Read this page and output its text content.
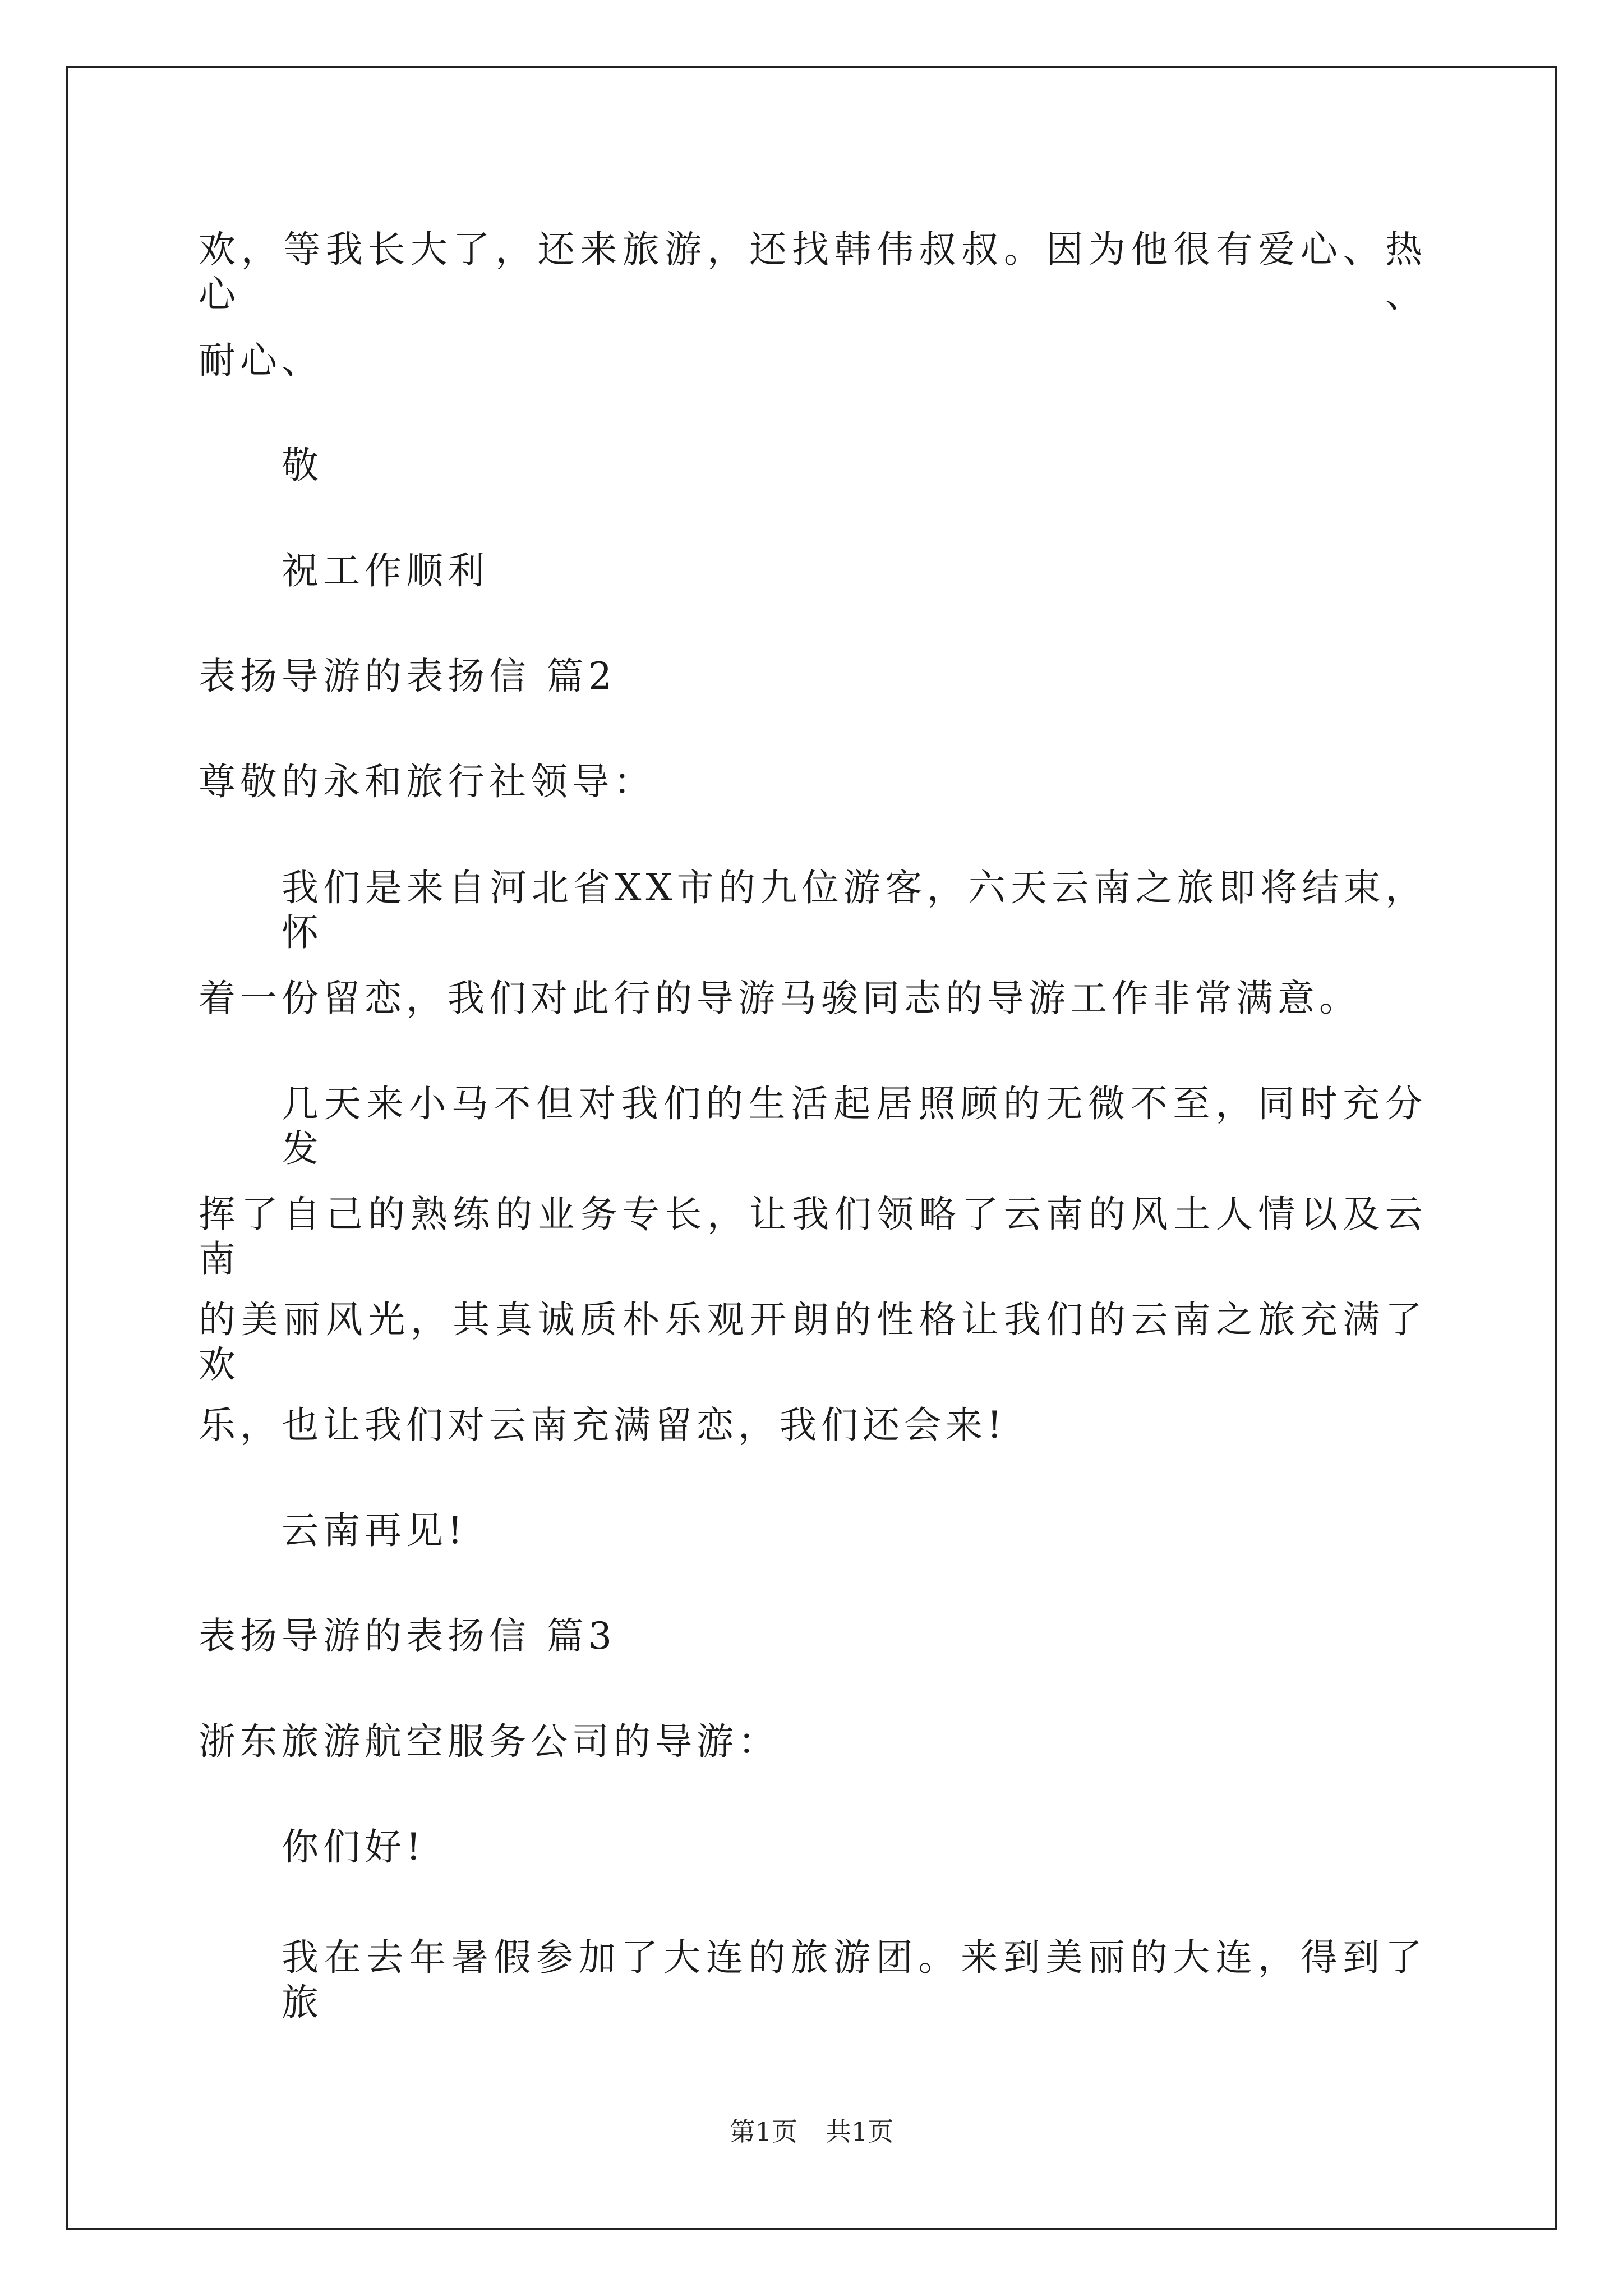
欢，等我长大了，还来旅游，还找韩伟叔叔。因为他很有爱心、热心、
耐心、
敬
祝工作顺利
表扬导游的表扬信 篇2
尊敬的永和旅行社领导：
我们是来自河北省XX市的九位游客，六天云南之旅即将结束，怀
着一份留恋，我们对此行的导游马骏同志的导游工作非常满意。
几天来小马不但对我们的生活起居照顾的无微不至，同时充分发
挥了自己的熟练的业务专长，让我们领略了云南的风土人情以及云南
的美丽风光，其真诚质朴乐观开朗的性格让我们的云南之旅充满了欢
乐，也让我们对云南充满留恋，我们还会来!
云南再见!
表扬导游的表扬信 篇3
浙东旅游航空服务公司的导游：
你们好!
我在去年暑假参加了大连的旅游团。来到美丽的大连，得到了旅
第1页 共1页
